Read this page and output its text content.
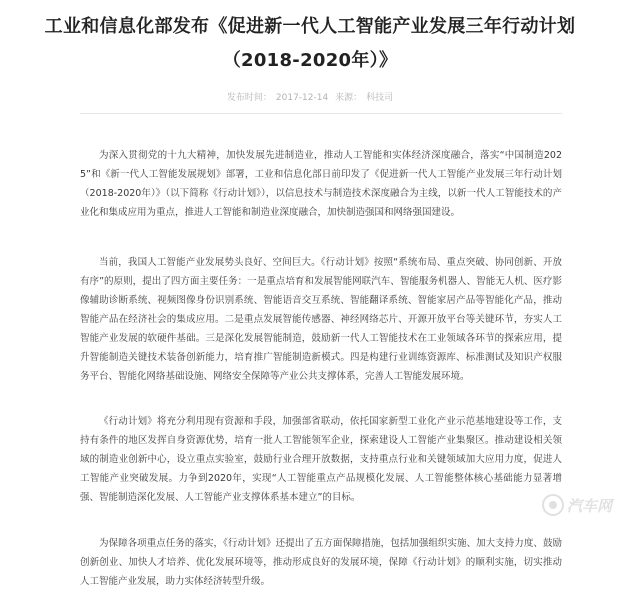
工业和信息化部发布《促进新一代人工智能产业发展三年行动计划
（2018-2020年）》
发布时间： 2017-12-14 来源： 科技司

为深入贯彻党的十九大精神，加快发展先进制造业，推动人工智能和实体经济深度融合，落实“中国制造2025”和《新一代人工智能发展规划》部署，工业和信息化部日前印发了《促进新一代人工智能产业发展三年行动计划（2018-2020年）》（以下简称《行动计划》），以信息技术与制造技术深度融合为主线，以新一代人工智能技术的产业化和集成应用为重点，推进人工智能和制造业深度融合，加快制造强国和网络强国建设。

当前，我国人工智能产业发展势头良好、空间巨大。《行动计划》按照“系统布局、重点突破、协同创新、开放有序”的原则，提出了四方面主要任务：一是重点培育和发展智能网联汽车、智能服务机器人、智能无人机、医疗影像辅助诊断系统、视频图像身份识别系统、智能语音交互系统、智能翻译系统、智能家居产品等智能化产品，推动智能产品在经济社会的集成应用。二是重点发展智能传感器、神经网络芯片、开源开放平台等关键环节，夯实人工智能产业发展的软硬件基础。三是深化发展智能制造，鼓励新一代人工智能技术在工业领域各环节的探索应用，提升智能制造关键技术装备创新能力，培育推广智能制造新模式。四是构建行业训练资源库、标准测试及知识产权服务平台、智能化网络基础设施、网络安全保障等产业公共支撑体系，完善人工智能发展环境。

《行动计划》将充分利用现有资源和手段，加强部省联动，依托国家新型工业化产业示范基地建设等工作，支持有条件的地区发挥自身资源优势，培育一批人工智能领军企业，探索建设人工智能产业集聚区。推动建设相关领域的制造业创新中心，设立重点实验室，鼓励行业合理开放数据，支持重点行业和关键领域加大应用力度，促进人工智能产业突破发展。力争到2020年，实现“人工智能重点产品规模化发展、人工智能整体核心基础能力显著增强、智能制造深化发展、人工智能产业支撑体系基本建立”的目标。

为保障各项重点任务的落实，《行动计划》还提出了五方面保障措施，包括加强组织实施、加大支持力度、鼓励创新创业、加快人才培养、优化发展环境等，推动形成良好的发展环境，保障《行动计划》的顺利实施，切实推动人工智能产业发展，助力实体经济转型升级。

汽车网
